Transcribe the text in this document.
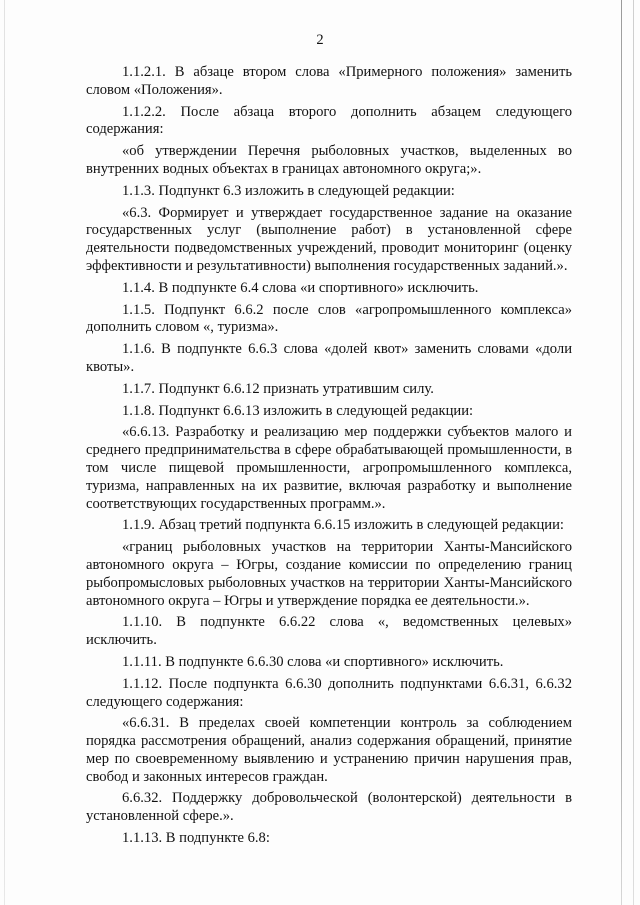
2

1.1.2.1. В абзаце втором слова «Примерного положения» заменить словом «Положения».

1.1.2.2. После абзаца второго дополнить абзацем следующего содержания:

«об утверждении Перечня рыболовных участков, выделенных во внутренних водных объектах в границах автономного округа;».

1.1.3. Подпункт 6.3 изложить в следующей редакции:

«6.3. Формирует и утверждает государственное задание на оказание государственных услуг (выполнение работ) в установленной сфере деятельности подведомственных учреждений, проводит мониторинг (оценку эффективности и результативности) выполнения государственных заданий.».

1.1.4. В подпункте 6.4 слова «и спортивного» исключить.

1.1.5. Подпункт 6.6.2 после слов «агропромышленного комплекса» дополнить словом «, туризма».

1.1.6. В подпункте 6.6.3 слова «долей квот» заменить словами «доли квоты».

1.1.7. Подпункт 6.6.12 признать утратившим силу.

1.1.8. Подпункт 6.6.13 изложить в следующей редакции:

«6.6.13. Разработку и реализацию мер поддержки субъектов малого и среднего предпринимательства в сфере обрабатывающей промышленности, в том числе пищевой промышленности, агропромышленного комплекса, туризма, направленных на их развитие, включая разработку и выполнение соответствующих государственных программ.».

1.1.9. Абзац третий подпункта 6.6.15 изложить в следующей редакции:

«границ рыболовных участков на территории Ханты-Мансийского автономного округа – Югры, создание комиссии по определению границ рыбопромысловых рыболовных участков на территории Ханты-Мансийского автономного округа – Югры и утверждение порядка ее деятельности.».

1.1.10. В подпункте 6.6.22 слова «, ведомственных целевых» исключить.

1.1.11. В подпункте 6.6.30 слова «и спортивного» исключить.

1.1.12. После подпункта 6.6.30 дополнить подпунктами 6.6.31, 6.6.32 следующего содержания:

«6.6.31. В пределах своей компетенции контроль за соблюдением порядка рассмотрения обращений, анализ содержания обращений, принятие мер по своевременному выявлению и устранению причин нарушения прав, свобод и законных интересов граждан.

6.6.32. Поддержку добровольческой (волонтерской) деятельности в установленной сфере.».

1.1.13. В подпункте 6.8:
